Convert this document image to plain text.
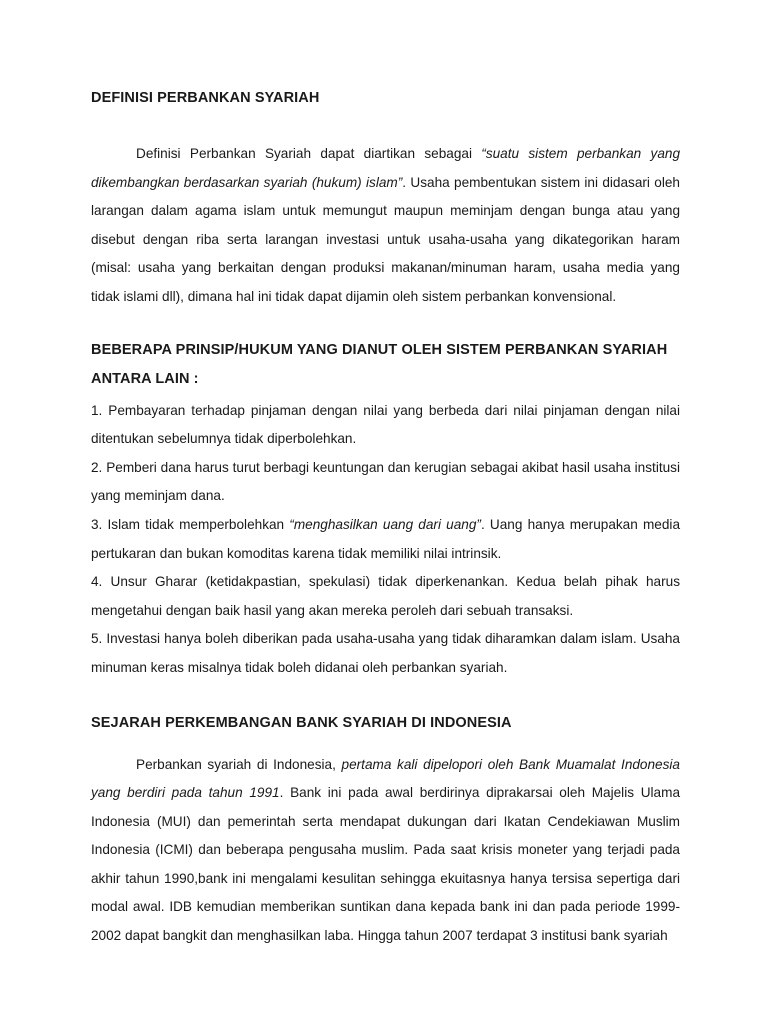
DEFINISI PERBANKAN SYARIAH

Definisi Perbankan Syariah dapat diartikan sebagai “suatu sistem perbankan yang dikembangkan berdasarkan syariah (hukum) islam”. Usaha pembentukan sistem ini didasari oleh larangan dalam agama islam untuk memungut maupun meminjam dengan bunga atau yang disebut dengan riba serta larangan investasi untuk usaha-usaha yang dikategorikan haram (misal: usaha yang berkaitan dengan produksi makanan/minuman haram, usaha media yang tidak islami dll), dimana hal ini tidak dapat dijamin oleh sistem perbankan konvensional.

BEBERAPA PRINSIP/HUKUM YANG DIANUT OLEH SISTEM PERBANKAN SYARIAH ANTARA LAIN :

1. Pembayaran terhadap pinjaman dengan nilai yang berbeda dari nilai pinjaman dengan nilai ditentukan sebelumnya tidak diperbolehkan.

2. Pemberi dana harus turut berbagi keuntungan dan kerugian sebagai akibat hasil usaha institusi yang meminjam dana.

3. Islam tidak memperbolehkan “menghasilkan uang dari uang”. Uang hanya merupakan media pertukaran dan bukan komoditas karena tidak memiliki nilai intrinsik.

4. Unsur Gharar (ketidakpastian, spekulasi) tidak diperkenankan. Kedua belah pihak harus mengetahui dengan baik hasil yang akan mereka peroleh dari sebuah transaksi.

5. Investasi hanya boleh diberikan pada usaha-usaha yang tidak diharamkan dalam islam. Usaha minuman keras misalnya tidak boleh didanai oleh perbankan syariah.

SEJARAH PERKEMBANGAN BANK SYARIAH DI INDONESIA

Perbankan syariah di Indonesia, pertama kali dipelopori oleh Bank Muamalat Indonesia yang berdiri pada tahun 1991. Bank ini pada awal berdirinya diprakarsai oleh Majelis Ulama Indonesia (MUI) dan pemerintah serta mendapat dukungan dari Ikatan Cendekiawan Muslim Indonesia (ICMI) dan beberapa pengusaha muslim. Pada saat krisis moneter yang terjadi pada akhir tahun 1990,bank ini mengalami kesulitan sehingga ekuitasnya hanya tersisa sepertiga dari modal awal. IDB kemudian memberikan suntikan dana kepada bank ini dan pada periode 1999-2002 dapat bangkit dan menghasilkan laba. Hingga tahun 2007 terdapat 3 institusi bank syariah
